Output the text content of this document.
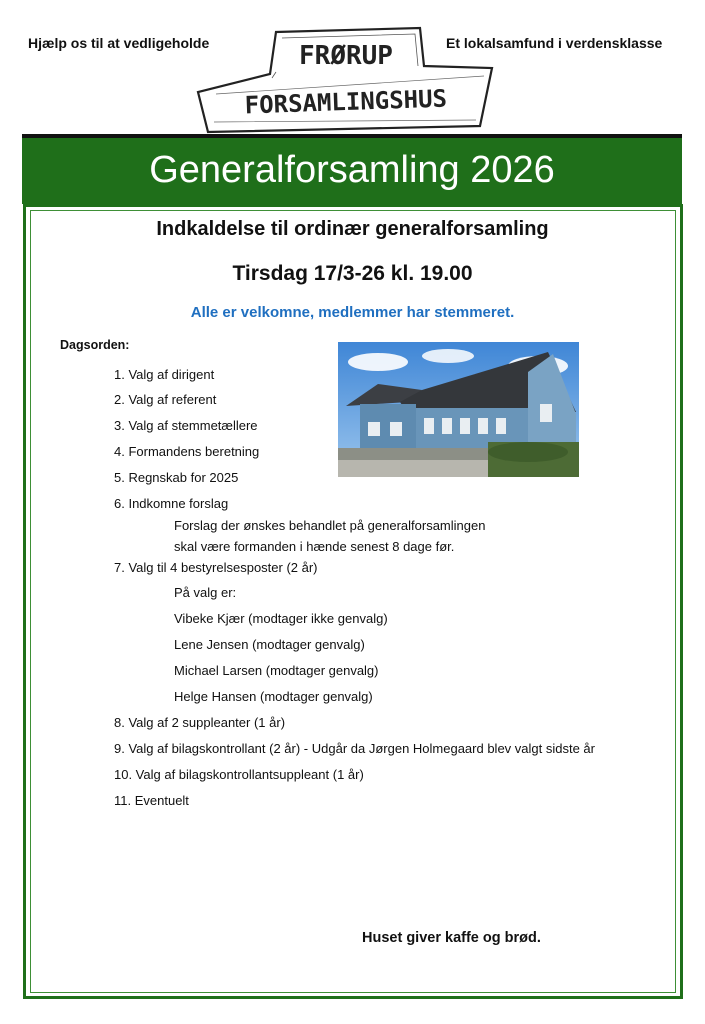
Hjælp os til at vedligeholde	Et lokalsamfund i verdensklasse
FRØRUP
FORSAMLINGSHUS
Generalforsamling 2026
Indkaldelse til ordinær generalforsamling
Tirsdag 17/3-26 kl. 19.00
Alle er velkomne, medlemmer har stemmeret.
Dagsorden:
1. Valg af dirigent
2. Valg af referent
3. Valg af stemmetællere
4. Formandens beretning
5. Regnskab for 2025
6. Indkomne forslag
Forslag der ønskes behandlet på generalforsamlingen
skal være formanden i hænde senest 8 dage før.
7. Valg til 4 bestyrelsesposter (2 år)
På valg er:
Vibeke Kjær (modtager ikke genvalg)
Lene Jensen (modtager genvalg)
Michael Larsen (modtager genvalg)
Helge Hansen (modtager genvalg)
8. Valg af 2 suppleanter (1 år)
9. Valg af bilagskontrollant (2 år) - Udgår da Jørgen Holmegaard blev valgt sidste år
10. Valg af bilagskontrollantsuppleant (1 år)
11. Eventuelt
Huset giver kaffe og brød.
